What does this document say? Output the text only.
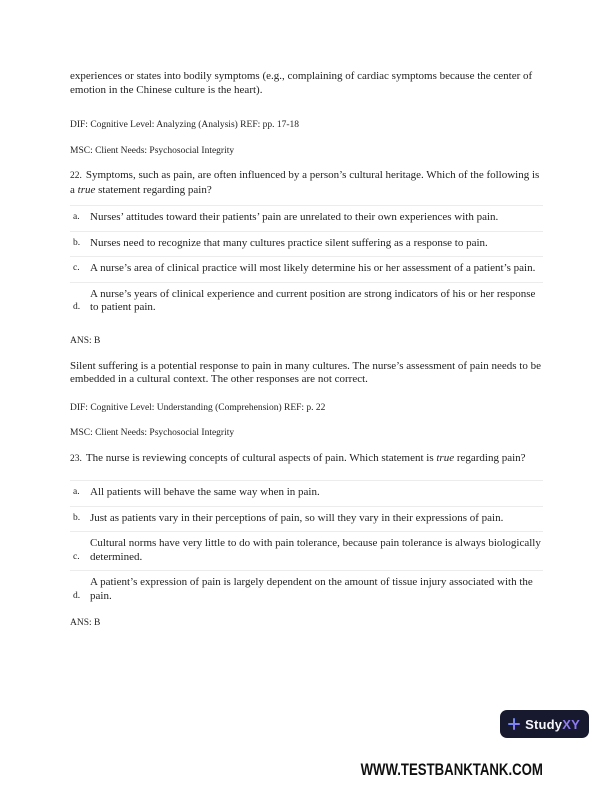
experiences or states into bodily symptoms (e.g., complaining of cardiac symptoms because the center of emotion in the Chinese culture is the heart).

DIF: Cognitive Level: Analyzing (Analysis) REF: pp. 17-18

MSC: Client Needs: Psychosocial Integrity

22. Symptoms, such as pain, are often influenced by a person’s cultural heritage. Which of the following is a true statement regarding pain?

a. Nurses’ attitudes toward their patients’ pain are unrelated to their own experiences with pain.
b. Nurses need to recognize that many cultures practice silent suffering as a response to pain.
c. A nurse’s area of clinical practice will most likely determine his or her assessment of a patient’s pain.
d.
A nurse’s years of clinical experience and current position are strong indicators of his or her response to patient pain.

ANS: B

Silent suffering is a potential response to pain in many cultures. The nurse’s assessment of pain needs to be embedded in a cultural context. The other responses are not correct.

DIF: Cognitive Level: Understanding (Comprehension) REF: p. 22

MSC: Client Needs: Psychosocial Integrity

23. The nurse is reviewing concepts of cultural aspects of pain. Which statement is true regarding pain?

a. All patients will behave the same way when in pain.
b. Just as patients vary in their perceptions of pain, so will they vary in their expressions of pain.
c.
Cultural norms have very little to do with pain tolerance, because pain tolerance is always biologically determined.
d.
A patient’s expression of pain is largely dependent on the amount of tissue injury associated with the pain.

ANS: B

StudyXY
WWW.TESTBANKTANK.COM
